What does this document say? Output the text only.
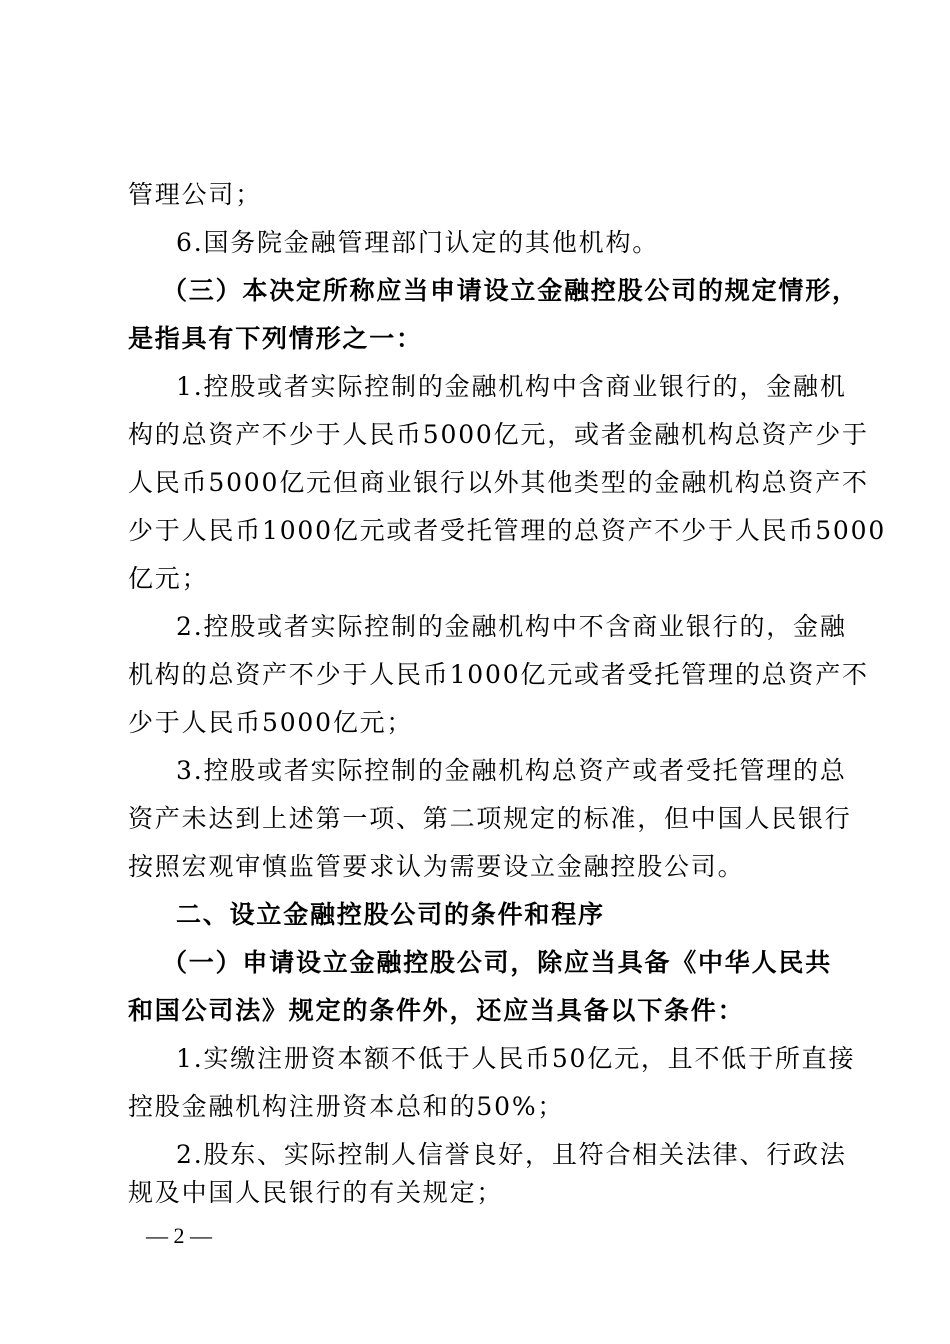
管理公司；
6.国务院金融管理部门认定的其他机构。
（三）本决定所称应当申请设立金融控股公司的规定情形，
是指具有下列情形之一：
1.控股或者实际控制的金融机构中含商业银行的，金融机
构的总资产不少于人民币5000亿元，或者金融机构总资产少于
人民币5000亿元但商业银行以外其他类型的金融机构总资产不
少于人民币1000亿元或者受托管理的总资产不少于人民币5000
亿元；
2.控股或者实际控制的金融机构中不含商业银行的，金融
机构的总资产不少于人民币1000亿元或者受托管理的总资产不
少于人民币5000亿元；
3.控股或者实际控制的金融机构总资产或者受托管理的总
资产未达到上述第一项、第二项规定的标准，但中国人民银行
按照宏观审慎监管要求认为需要设立金融控股公司。
二、设立金融控股公司的条件和程序
（一）申请设立金融控股公司，除应当具备《中华人民共
和国公司法》规定的条件外，还应当具备以下条件：
1.实缴注册资本额不低于人民币50亿元，且不低于所直接
控股金融机构注册资本总和的50%；
2.股东、实际控制人信誉良好，且符合相关法律、行政法
规及中国人民银行的有关规定；
— 2 —
